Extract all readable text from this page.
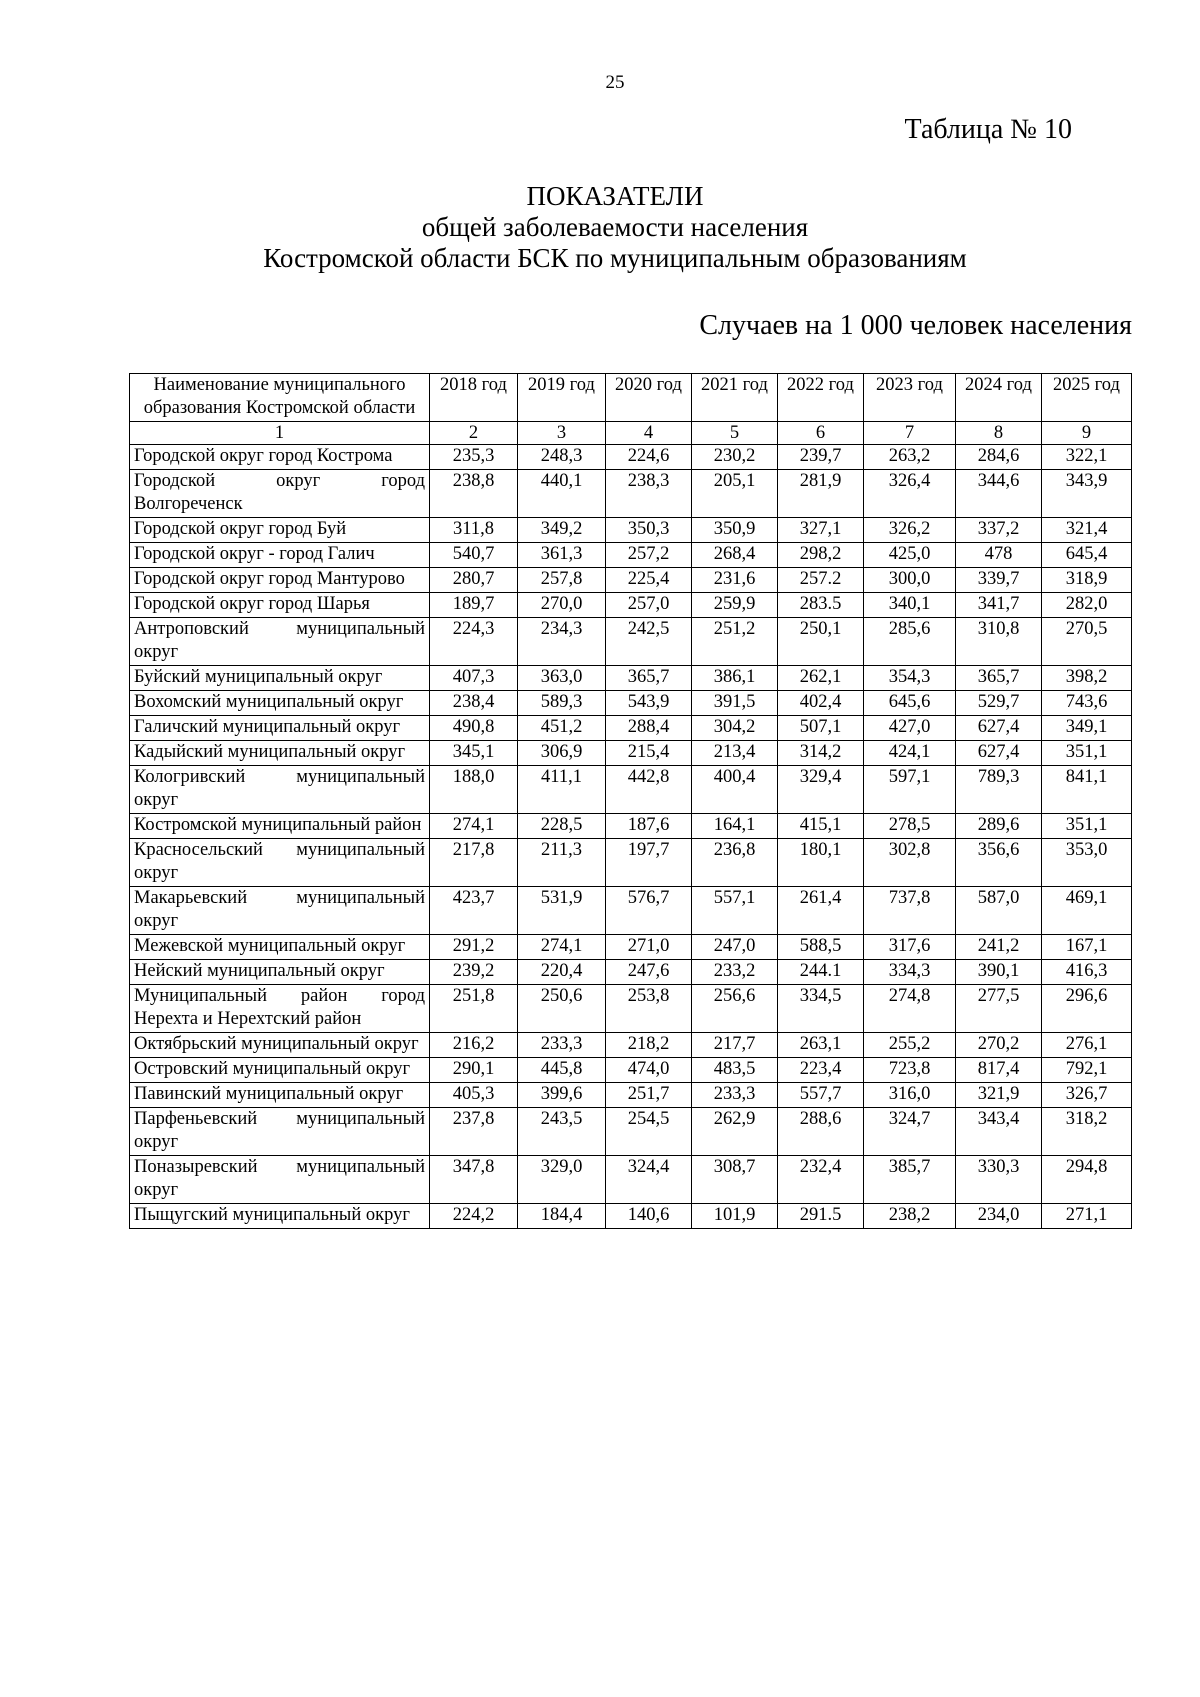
25
Таблица № 10
ПОКАЗАТЕЛИ
общей заболеваемости населения
Костромской области БСК по муниципальным образованиям
Случаев на 1 000 человек населения
Наименование муниципального образования Костромской области	2018 год	2019 год	2020 год	2021 год	2022 год	2023 год	2024 год	2025 год
1	2	3	4	5	6	7	8	9
Городской округ город Кострома	235,3	248,3	224,6	230,2	239,7	263,2	284,6	322,1
Городской округ город Волгореченск	238,8	440,1	238,3	205,1	281,9	326,4	344,6	343,9
Городской округ город Буй	311,8	349,2	350,3	350,9	327,1	326,2	337,2	321,4
Городской округ - город Галич	540,7	361,3	257,2	268,4	298,2	425,0	478	645,4
Городской округ город Мантурово	280,7	257,8	225,4	231,6	257.2	300,0	339,7	318,9
Городской округ город Шарья	189,7	270,0	257,0	259,9	283.5	340,1	341,7	282,0
Антроповский муниципальный округ	224,3	234,3	242,5	251,2	250,1	285,6	310,8	270,5
Буйский муниципальный округ	407,3	363,0	365,7	386,1	262,1	354,3	365,7	398,2
Вохомский муниципальный округ	238,4	589,3	543,9	391,5	402,4	645,6	529,7	743,6
Галичский муниципальный округ	490,8	451,2	288,4	304,2	507,1	427,0	627,4	349,1
Кадыйский муниципальный округ	345,1	306,9	215,4	213,4	314,2	424,1	627,4	351,1
Кологривский муниципальный округ	188,0	411,1	442,8	400,4	329,4	597,1	789,3	841,1
Костромской муниципальный район	274,1	228,5	187,6	164,1	415,1	278,5	289,6	351,1
Красносельский муниципальный округ	217,8	211,3	197,7	236,8	180,1	302,8	356,6	353,0
Макарьевский муниципальный округ	423,7	531,9	576,7	557,1	261,4	737,8	587,0	469,1
Межевской муниципальный округ	291,2	274,1	271,0	247,0	588,5	317,6	241,2	167,1
Нейский муниципальный округ	239,2	220,4	247,6	233,2	244.1	334,3	390,1	416,3
Муниципальный район город Нерехта и Нерехтский район	251,8	250,6	253,8	256,6	334,5	274,8	277,5	296,6
Октябрьский муниципальный округ	216,2	233,3	218,2	217,7	263,1	255,2	270,2	276,1
Островский муниципальный округ	290,1	445,8	474,0	483,5	223,4	723,8	817,4	792,1
Павинский муниципальный округ	405,3	399,6	251,7	233,3	557,7	316,0	321,9	326,7
Парфеньевский муниципальный округ	237,8	243,5	254,5	262,9	288,6	324,7	343,4	318,2
Поназыревский муниципальный округ	347,8	329,0	324,4	308,7	232,4	385,7	330,3	294,8
Пыщугский муниципальный округ	224,2	184,4	140,6	101,9	291.5	238,2	234,0	271,1
